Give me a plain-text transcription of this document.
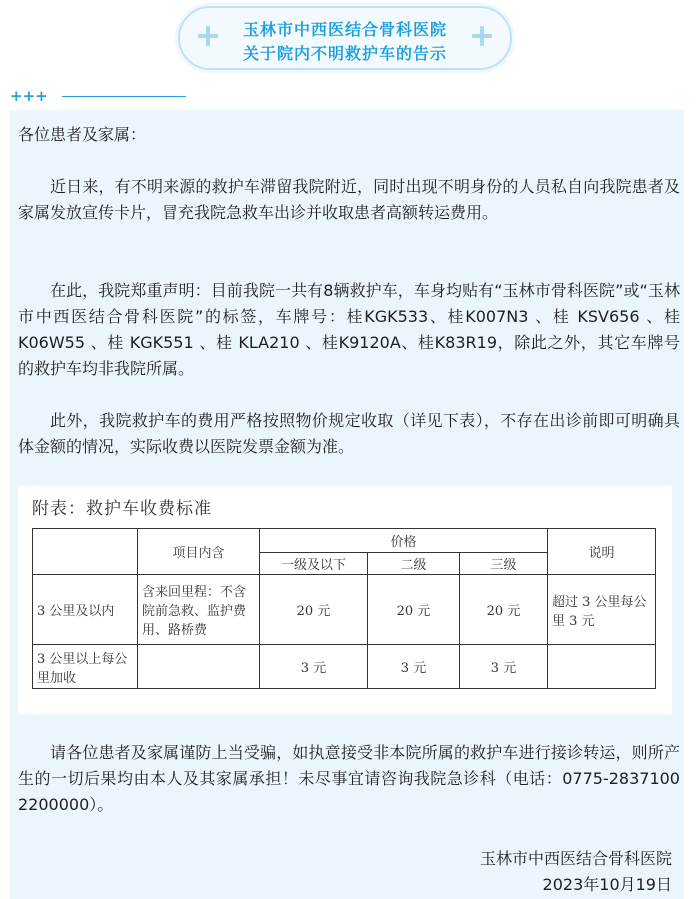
玉林市中西医结合骨科医院
关于院内不明救护车的告示
+++
各位患者及家属：
近日来，有不明来源的救护车滞留我院附近，同时出现不明身份的人员私自向我院患者及家属发放宣传卡片，冒充我院急救车出诊并收取患者高额转运费用。
在此，我院郑重声明：目前我院一共有8辆救护车，车身均贴有“玉林市骨科医院”或“玉林市中西医结合骨科医院”的标签，车牌号：桂KGK533、桂K007N3 、桂 KSV656 、桂 K06W55 、桂 KGK551 、桂 KLA210 、桂K9120A、桂K83R19，除此之外，其它车牌号的救护车均非我院所属。
此外，我院救护车的费用严格按照物价规定收取（详见下表），不存在出诊前即可明确具体金额的情况，实际收费以医院发票金额为准。
附表：救护车收费标准
	项目内含	价格			说明
		一级及以下	二级	三级	
3 公里及以内	含来回里程：不含院前急救、监护费用、路桥费	20 元	20 元	20 元	超过 3 公里每公里 3 元
3 公里以上每公里加收		3 元	3 元	3 元	
请各位患者及家属谨防上当受骗，如执意接受非本院所属的救护车进行接诊转运，则所产生的一切后果均由本人及其家属承担！未尽事宜请咨询我院急诊科（电话：0775-2837100　2200000）。
玉林市中西医结合骨科医院
2023年10月19日
